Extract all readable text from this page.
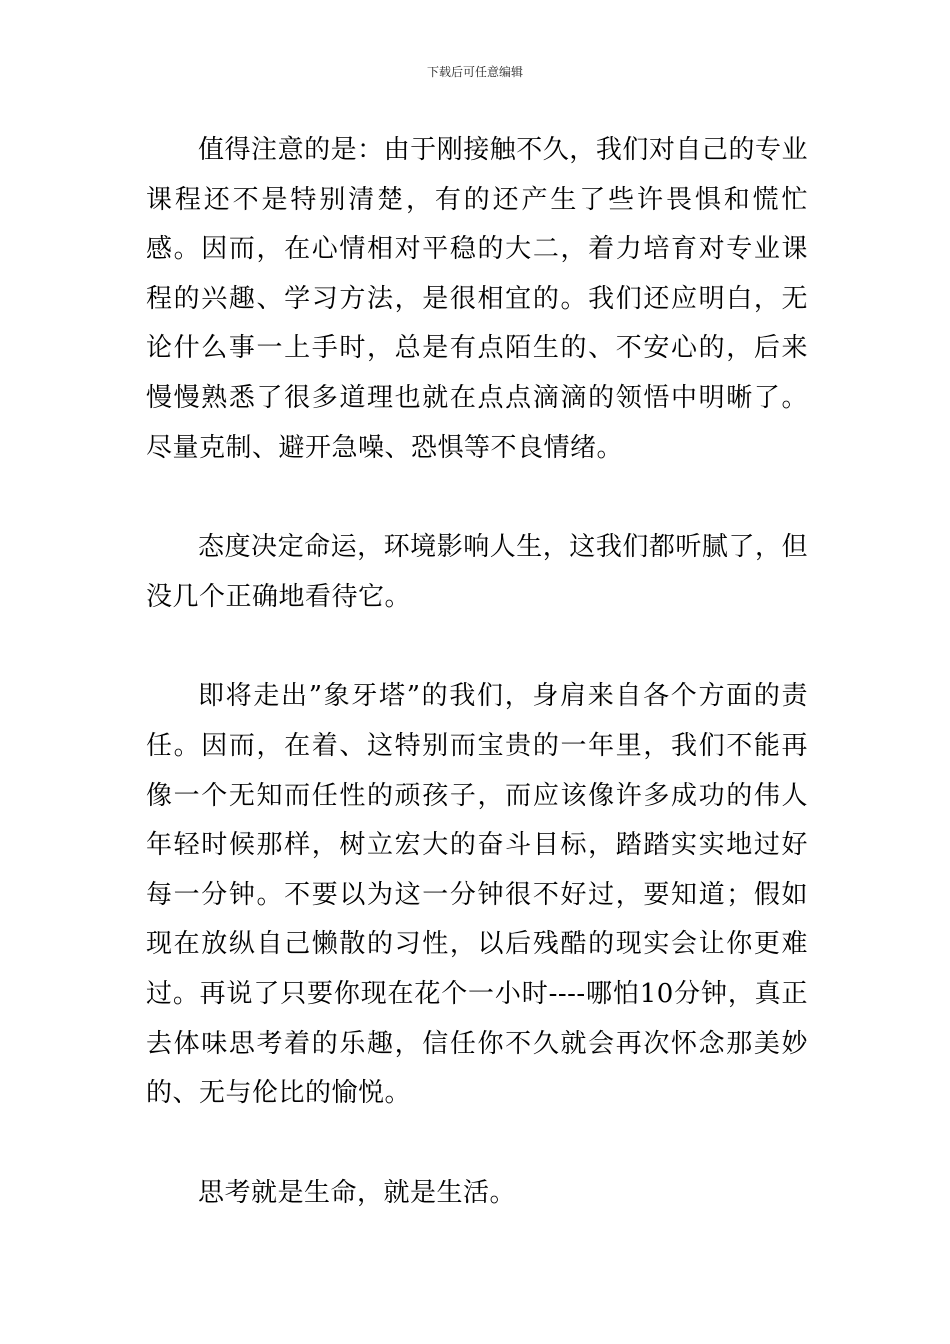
下载后可任意编辑

值得注意的是：由于刚接触不久，我们对自己的专业课程还不是特别清楚，有的还产生了些许畏惧和慌忙感。因而，在心情相对平稳的大二，着力培育对专业课程的兴趣、学习方法，是很相宜的。我们还应明白，无论什么事一上手时，总是有点陌生的、不安心的，后来慢慢熟悉了很多道理也就在点点滴滴的领悟中明晰了。尽量克制、避开急噪、恐惧等不良情绪。

态度决定命运，环境影响人生，这我们都听腻了，但没几个正确地看待它。

即将走出”象牙塔”的我们，身肩来自各个方面的责任。因而，在着、这特别而宝贵的一年里，我们不能再像一个无知而任性的顽孩子，而应该像许多成功的伟人年轻时候那样，树立宏大的奋斗目标，踏踏实实地过好每一分钟。不要以为这一分钟很不好过，要知道；假如现在放纵自己懒散的习性，以后残酷的现实会让你更难过。再说了只要你现在花个一小时----哪怕10分钟，真正去体味思考着的乐趣，信任你不久就会再次怀念那美妙的、无与伦比的愉悦。

思考就是生命，就是生活。
